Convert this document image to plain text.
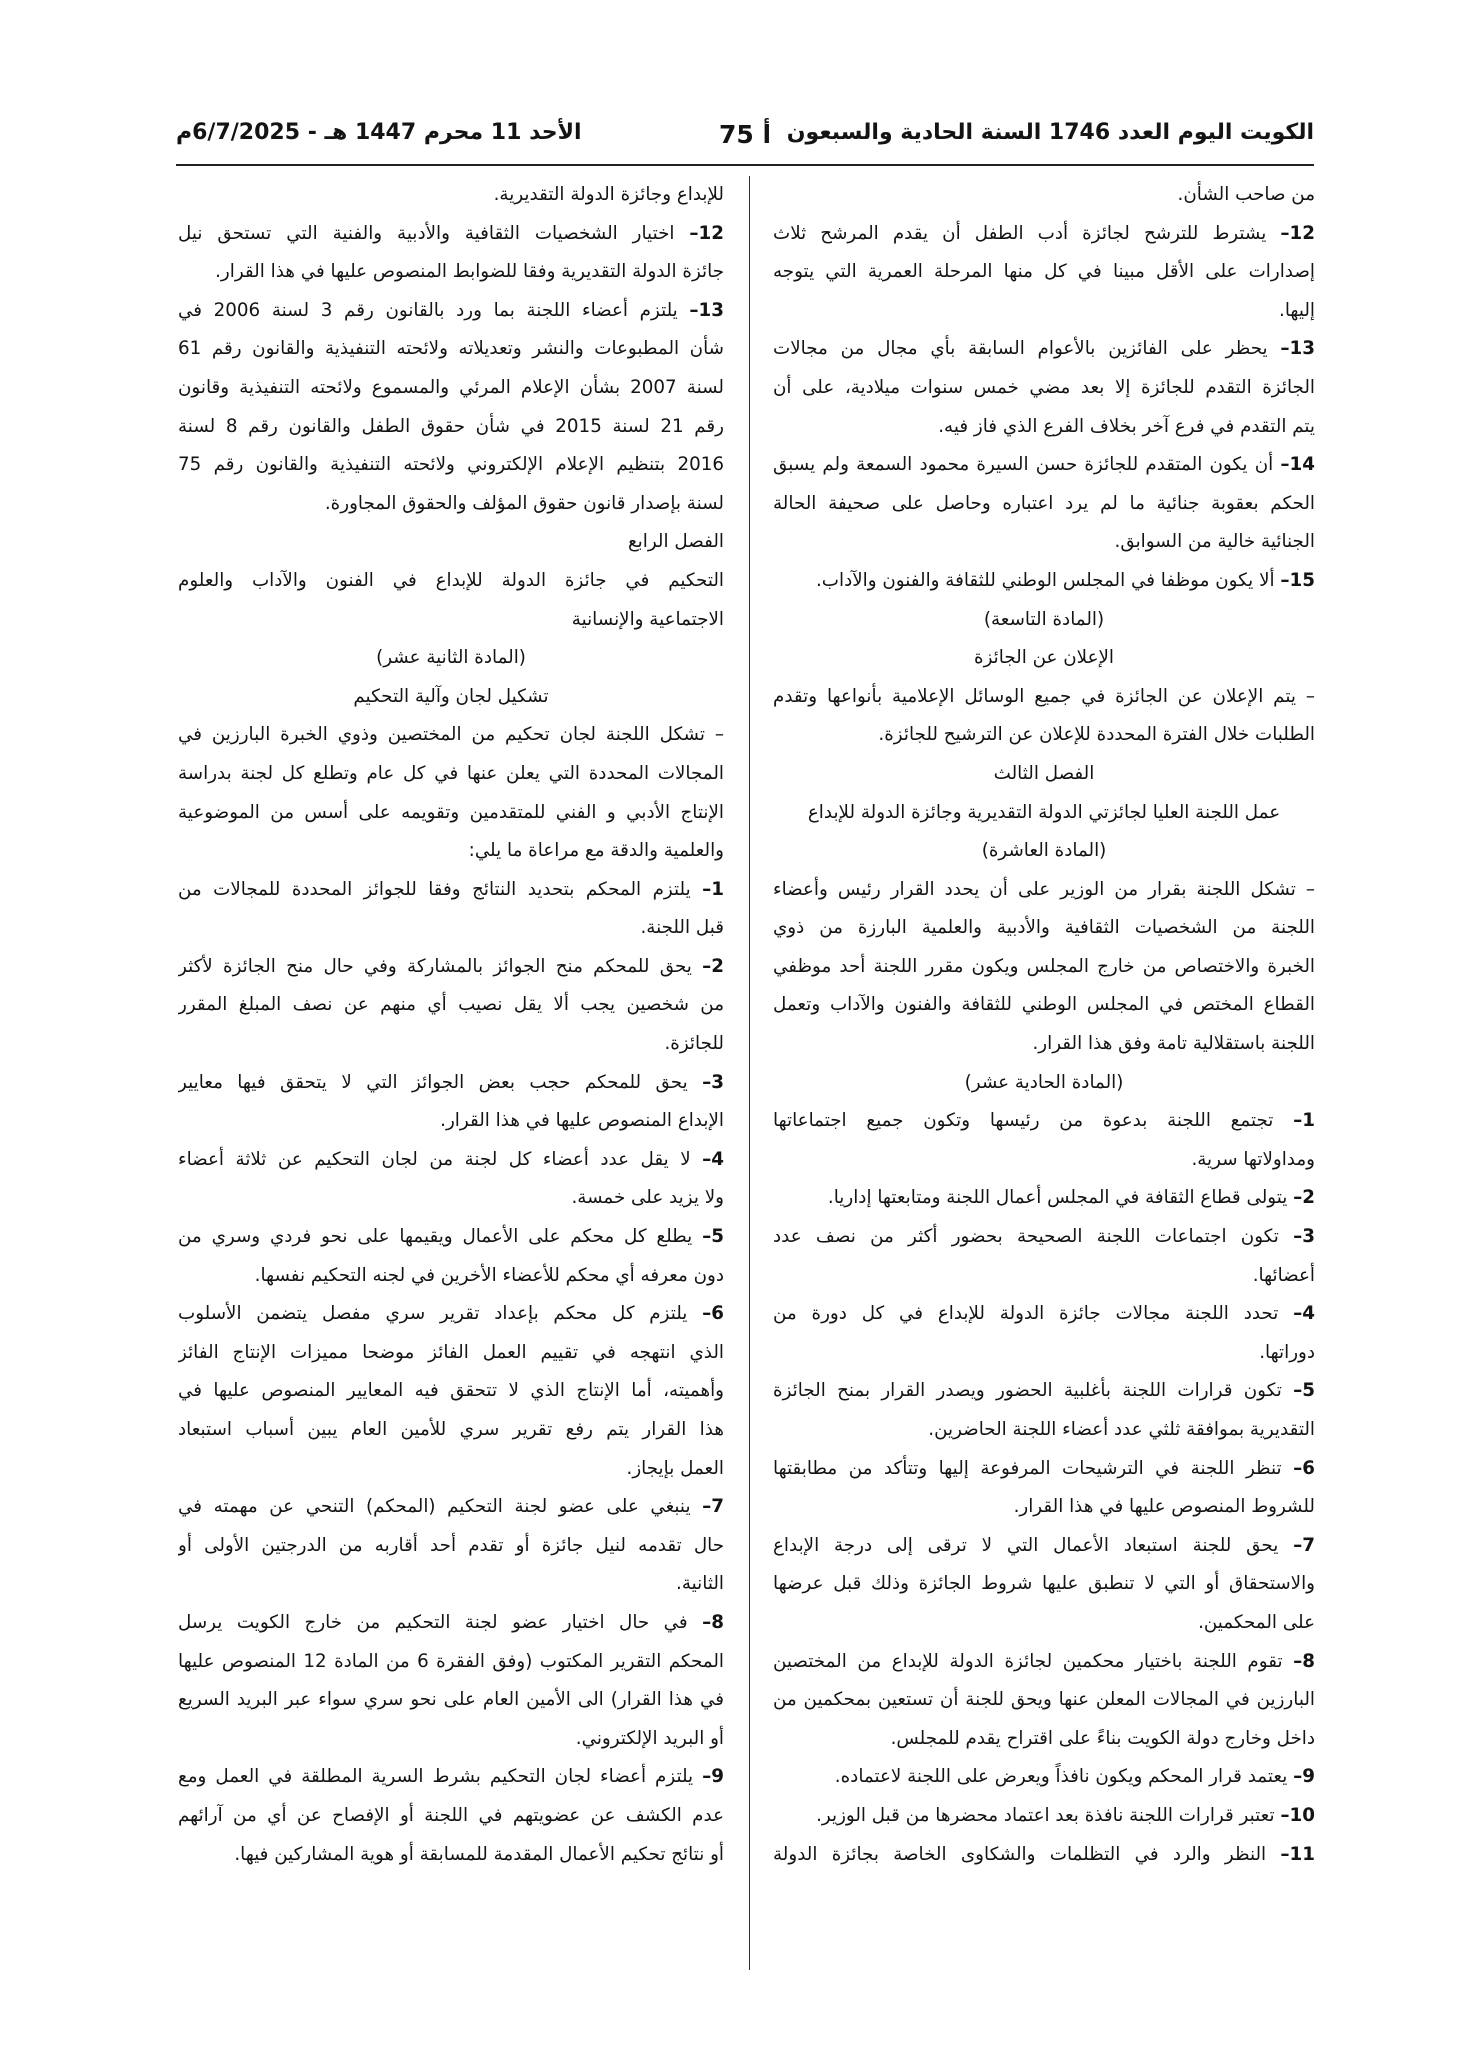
الكويت اليوم العدد 1746 السنة الحادية والسبعون
أ 75
الأحد 11 محرم 1447 هـ - 6/7/2025م
من صاحب الشأن.
12– يشترط للترشح لجائزة أدب الطفل أن يقدم المرشح ثلاث
إصدارات على الأقل مبينا في كل منها المرحلة العمرية التي يتوجه
إليها.
13– يحظر على الفائزين بالأعوام السابقة بأي مجال من مجالات
الجائزة التقدم للجائزة إلا بعد مضي خمس سنوات ميلادية، على أن
يتم التقدم في فرع آخر بخلاف الفرع الذي فاز فيه.
14– أن يكون المتقدم للجائزة حسن السيرة محمود السمعة ولم يسبق
الحكم بعقوبة جنائية ما لم يرد اعتباره وحاصل على صحيفة الحالة
الجنائية خالية من السوابق.
15– ألا يكون موظفا في المجلس الوطني للثقافة والفنون والآداب.
(المادة التاسعة)
الإعلان عن الجائزة
– يتم الإعلان عن الجائزة في جميع الوسائل الإعلامية بأنواعها وتقدم
الطلبات خلال الفترة المحددة للإعلان عن الترشيح للجائزة.
الفصل الثالث
عمل اللجنة العليا لجائزتي الدولة التقديرية وجائزة الدولة للإبداع
(المادة العاشرة)
– تشكل اللجنة بقرار من الوزير على أن يحدد القرار رئيس وأعضاء
اللجنة من الشخصيات الثقافية والأدبية والعلمية البارزة من ذوي
الخبرة والاختصاص من خارج المجلس ويكون مقرر اللجنة أحد موظفي
القطاع المختص في المجلس الوطني للثقافة والفنون والآداب وتعمل
اللجنة باستقلالية تامة وفق هذا القرار.
(المادة الحادية عشر)
1– تجتمع اللجنة بدعوة من رئيسها وتكون جميع اجتماعاتها
ومداولاتها سرية.
2– يتولى قطاع الثقافة في المجلس أعمال اللجنة ومتابعتها إداريا.
3– تكون اجتماعات اللجنة الصحيحة بحضور أكثر من نصف عدد
أعضائها.
4– تحدد اللجنة مجالات جائزة الدولة للإبداع في كل دورة من
دوراتها.
5– تكون قرارات اللجنة بأغلبية الحضور ويصدر القرار بمنح الجائزة
التقديرية بموافقة ثلثي عدد أعضاء اللجنة الحاضرين.
6– تنظر اللجنة في الترشيحات المرفوعة إليها وتتأكد من مطابقتها
للشروط المنصوص عليها في هذا القرار.
7– يحق للجنة استبعاد الأعمال التي لا ترقى إلى درجة الإبداع
والاستحقاق أو التي لا تنطبق عليها شروط الجائزة وذلك قبل عرضها
على المحكمين.
8– تقوم اللجنة باختيار محكمين لجائزة الدولة للإبداع من المختصين
البارزين في المجالات المعلن عنها ويحق للجنة أن تستعين بمحكمين من
داخل وخارج دولة الكويت بناءً على اقتراح يقدم للمجلس.
9– يعتمد قرار المحكم ويكون نافذاً ويعرض على اللجنة لاعتماده.
10– تعتبر قرارات اللجنة نافذة بعد اعتماد محضرها من قبل الوزير.
11– النظر والرد في التظلمات والشكاوى الخاصة بجائزة الدولة
للإبداع وجائزة الدولة التقديرية.
12– اختيار الشخصيات الثقافية والأدبية والفنية التي تستحق نيل
جائزة الدولة التقديرية وفقا للضوابط المنصوص عليها في هذا القرار.
13– يلتزم أعضاء اللجنة بما ورد بالقانون رقم 3 لسنة 2006 في
شأن المطبوعات والنشر وتعديلاته ولائحته التنفيذية والقانون رقم 61
لسنة 2007 بشأن الإعلام المرئي والمسموع ولائحته التنفيذية وقانون
رقم 21 لسنة 2015 في شأن حقوق الطفل والقانون رقم 8 لسنة
2016 بتنظيم الإعلام الإلكتروني ولائحته التنفيذية والقانون رقم 75
لسنة بإصدار قانون حقوق المؤلف والحقوق المجاورة.
الفصل الرابع
التحكيم في جائزة الدولة للإبداع في الفنون والآداب والعلوم
الاجتماعية والإنسانية
(المادة الثانية عشر)
تشكيل لجان وآلية التحكيم
– تشكل اللجنة لجان تحكيم من المختصين وذوي الخبرة البارزين في
المجالات المحددة التي يعلن عنها في كل عام وتطلع كل لجنة بدراسة
الإنتاج الأدبي و الفني للمتقدمين وتقويمه على أسس من الموضوعية
والعلمية والدقة مع مراعاة ما يلي:
1– يلتزم المحكم بتحديد النتائج وفقا للجوائز المحددة للمجالات من
قبل اللجنة.
2– يحق للمحكم منح الجوائز بالمشاركة وفي حال منح الجائزة لأكثر
من شخصين يجب ألا يقل نصيب أي منهم عن نصف المبلغ المقرر
للجائزة.
3– يحق للمحكم حجب بعض الجوائز التي لا يتحقق فيها معايير
الإبداع المنصوص عليها في هذا القرار.
4– لا يقل عدد أعضاء كل لجنة من لجان التحكيم عن ثلاثة أعضاء
ولا يزيد على خمسة.
5– يطلع كل محكم على الأعمال ويقيمها على نحو فردي وسري من
دون معرفه أي محكم للأعضاء الأخرين في لجنه التحكيم نفسها.
6– يلتزم كل محكم بإعداد تقرير سري مفصل يتضمن الأسلوب
الذي انتهجه في تقييم العمل الفائز موضحا مميزات الإنتاج الفائز
وأهميته، أما الإنتاج الذي لا تتحقق فيه المعايير المنصوص عليها في
هذا القرار يتم رفع تقرير سري للأمين العام يبين أسباب استبعاد
العمل بإيجاز.
7– ينبغي على عضو لجنة التحكيم (المحكم) التنحي عن مهمته في
حال تقدمه لنيل جائزة أو تقدم أحد أقاربه من الدرجتين الأولى أو
الثانية.
8– في حال اختيار عضو لجنة التحكيم من خارج الكويت يرسل
المحكم التقرير المكتوب (وفق الفقرة 6 من المادة 12 المنصوص عليها
في هذا القرار) الى الأمين العام على نحو سري سواء عبر البريد السريع
أو البريد الإلكتروني.
9– يلتزم أعضاء لجان التحكيم بشرط السرية المطلقة في العمل ومع
عدم الكشف عن عضويتهم في اللجنة أو الإفصاح عن أي من آرائهم
أو نتائج تحكيم الأعمال المقدمة للمسابقة أو هوية المشاركين فيها.
